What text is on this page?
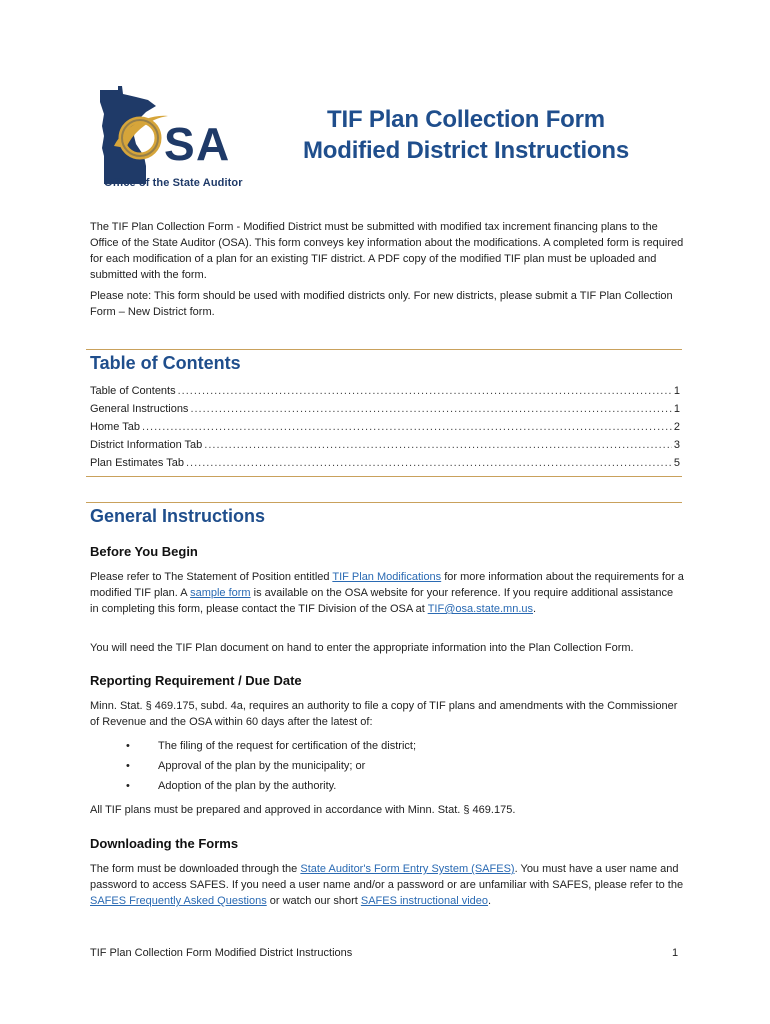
S A
Office of the State Auditor

TIF Plan Collection Form

Modified District Instructions

The TIF Plan Collection Form - Modified District must be submitted with modified tax increment financing plans to the Office of the State Auditor (OSA). This form conveys key information about the modifications. A completed form is required for each modification of a plan for an existing TIF district. A PDF copy of the modified TIF plan must be uploaded and submitted with the form.

Please note: This form should be used with modified districts only. For new districts, please submit a TIF Plan Collection Form – New District form.

Table of Contents
Table of Contents .....	1
General Instructions .....	1
Home Tab .....	2
District Information Tab .....	3
Plan Estimates Tab .....	5
General Instructions
Before You Begin

Please refer to The Statement of Position entitled TIF Plan Modifications for more information about the requirements for a modified TIF plan. A sample form is available on the OSA website for your reference. If you require additional assistance in completing this form, please contact the TIF Division of the OSA at TIF@osa.state.mn.us.

You will need the TIF Plan document on hand to enter the appropriate information into the Plan Collection Form.

Reporting Requirement / Due Date

Minn. Stat. § 469.175, subd. 4a, requires an authority to file a copy of TIF plans and amendments with the Commissioner of Revenue and the OSA within 60 days after the latest of:

•	The filing of the request for certification of the district;
•	Approval of the plan by the municipality; or
•	Adoption of the plan by the authority.

All TIF plans must be prepared and approved in accordance with Minn. Stat. § 469.175.

Downloading the Forms

The form must be downloaded through the State Auditor's Form Entry System (SAFES). You must have a user name and password to access SAFES. If you need a user name and/or a password or are unfamiliar with SAFES, please refer to the SAFES Frequently Asked Questions or watch our short SAFES instructional video.

TIF Plan Collection Form Modified District Instructions	1
